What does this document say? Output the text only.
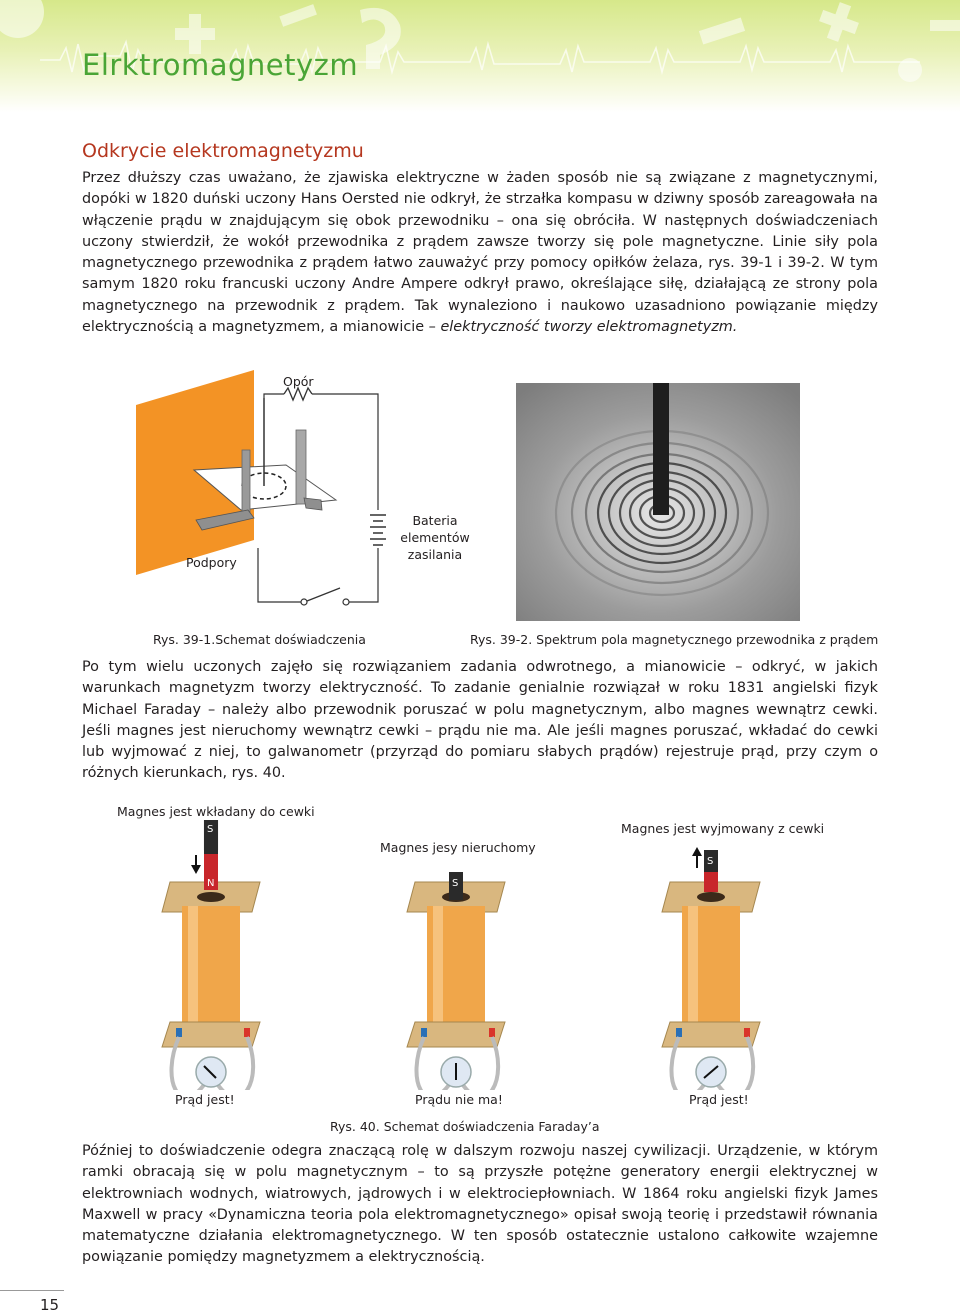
Elrktromagnetyzm
Odkrycie elektromagnetyzmu

Przez dłuższy czas uważano, że zjawiska elektryczne w żaden sposób nie są związane z magnetycznymi, dopóki w 1820 duński uczony Hans Oersted nie odkrył, że strzałka kompasu w dziwny sposób zareagowała na włączenie prądu w znajdującym się obok przewodniku – ona się obróciła. W następnych doświadczeniach uczony stwierdził, że wokół przewodnika z prądem zawsze tworzy się pole magnetyczne. Linie siły pola magnetycznego przewodnika z prądem łatwo zauważyć przy pomocy opiłków żelaza, rys. 39-1 i 39-2. W tym samym 1820 roku francuski uczony Andre Ampere odkrył prawo, określające siłę, działającą ze strony pola magnetycznego na przewodnik z prądem. Tak wynaleziono i naukowo uzasadniono powiązanie między elektrycznością a magnetyzmem, a mianowicie – elektryczność tworzy elektromagnetyzm.

Opór
Bateria elementów zasilania
Podpory
Rys. 39-1.Schemat doświadczenia	Rys. 39-2. Spektrum pola magnetycznego przewodnika z prądem

Po tym wielu uczonych zajęło się rozwiązaniem zadania odwrotnego, a mianowicie – odkryć, w jakich warunkach magnetyzm tworzy elektryczność. To zadanie genialnie rozwiązał w roku 1831 angielski fizyk Michael Faraday – należy albo przewodnik poruszać w polu magnetycznym, albo magnes wewnątrz cewki. Jeśli magnes jest nieruchomy wewnątrz cewki – prądu nie ma. Ale jeśli magnes poruszać, wkładać do cewki lub wyjmować z niej, to galwanometr (przyrząd do pomiaru słabych prądów) rejestruje prąd, przy czym o różnych kierunkach, rys. 40.

S
N	S
S
Magnes jest wkładany do cewki
Magnes jesy nieruchomy
Magnes jest wyjmowany z cewki
Prąd jest!	Prądu nie ma!	Prąd jest!
Rys. 40. Schemat doświadczenia Faraday’a

Później to doświadczenie odegra znaczącą rolę w dalszym rozwoju naszej cywilizacji. Urządzenie, w którym ramki obracają się w polu magnetycznym – to są przyszłe potężne generatory energii elektrycznej w elektrowniach wodnych, wiatrowych, jądrowych i w elektrociepłowniach. W 1864 roku angielski fizyk James Maxwell w pracy «Dynamiczna teoria pola elektromagnetycznego» opisał swoją teorię i przedstawił równania matematyczne działania elektromagnetycznego. W ten sposób ostatecznie ustalono całkowite wzajemne powiązanie pomiędzy magnetyzmem a elektrycznością.

15
